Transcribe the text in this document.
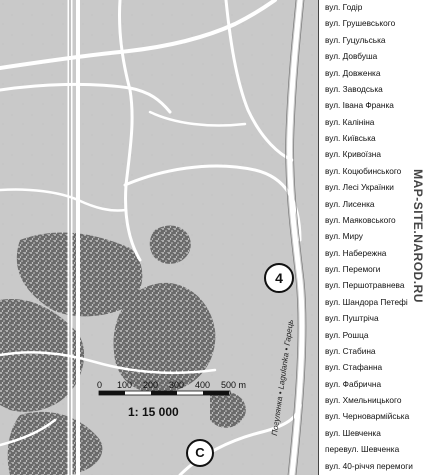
4
C
0 100 200 300 400 500 m
1: 15 000	Погулянка • Lagulanka • Гарець
вул. Годір
вул. Грушевського
вул. Гуцульська
вул. Довбуша
вул. Довженка
вул. Заводська
вул. Івана Франка
вул. Калініна
вул. Київська
вул. Кривоїзна
вул. Коцюбинського
вул. Лесі Українки
вул. Лисенка
вул. Маяковського
вул. Миру
вул. Набережна
вул. Перемоги
вул. Першотравнева
вул. Шандора Петефі
вул. Пуштріча
вул. Рошца
вул. Стабина
вул. Стафанна
вул. Фабрична
вул. Хмельницького
вул. Черновармійська
вул. Шевченка
перевул. Шевченка
вул. 40-річчя перемоги
MAP-SITE.NAROD.RU
